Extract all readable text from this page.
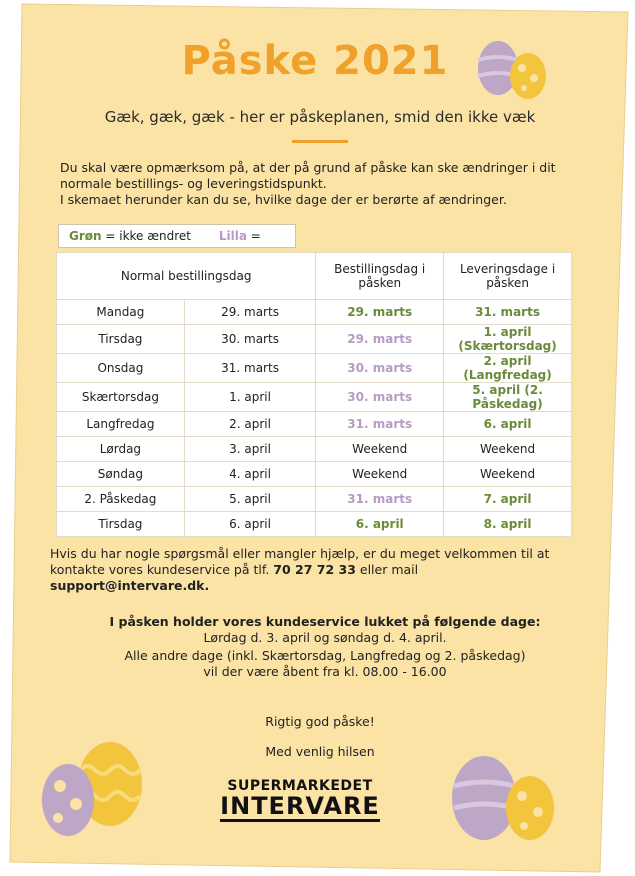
Påske 2021
Gæk, gæk, gæk - her er påskeplanen, smid den ikke væk

Du skal være opmærksom på, at der på grund af påske kan ske ændringer i dit normale bestillings- og leveringstidspunkt.

I skemaet herunder kan du se, hvilke dage der er berørte af ændringer.

Grøn = ikke ændret Lilla =
Normal bestillingsdag		Bestillingsdag i påsken	Leveringsdage i påsken
Mandag	29. marts	29. marts	31. marts
Tirsdag	30. marts	29. marts	1. april (Skærtorsdag)
Onsdag	31. marts	30. marts	2. april (Langfredag)
Skærtorsdag	1. april	30. marts	5. april (2. Påskedag)
Langfredag	2. april	31. marts	6. april
Lørdag	3. april	Weekend	Weekend
Søndag	4. april	Weekend	Weekend
2. Påskedag	5. april	31. marts	7. april
Tirsdag	6. april	6. april	8. april
Hvis du har nogle spørgsmål eller mangler hjælp, er du meget velkommen til at kontakte vores kundeservice på tlf. 70 27 72 33 eller mail support@intervare.dk.
I påsken holder vores kundeservice lukket på følgende dage:
Lørdag d. 3. april og søndag d. 4. april.
Alle andre dage (inkl. Skærtorsdag, Langfredag og 2. påskedag)
vil der være åbent fra kl. 08.00 - 16.00
Rigtig god påske!
Med venlig hilsen
SUPERMARKEDET
INTERVARE
